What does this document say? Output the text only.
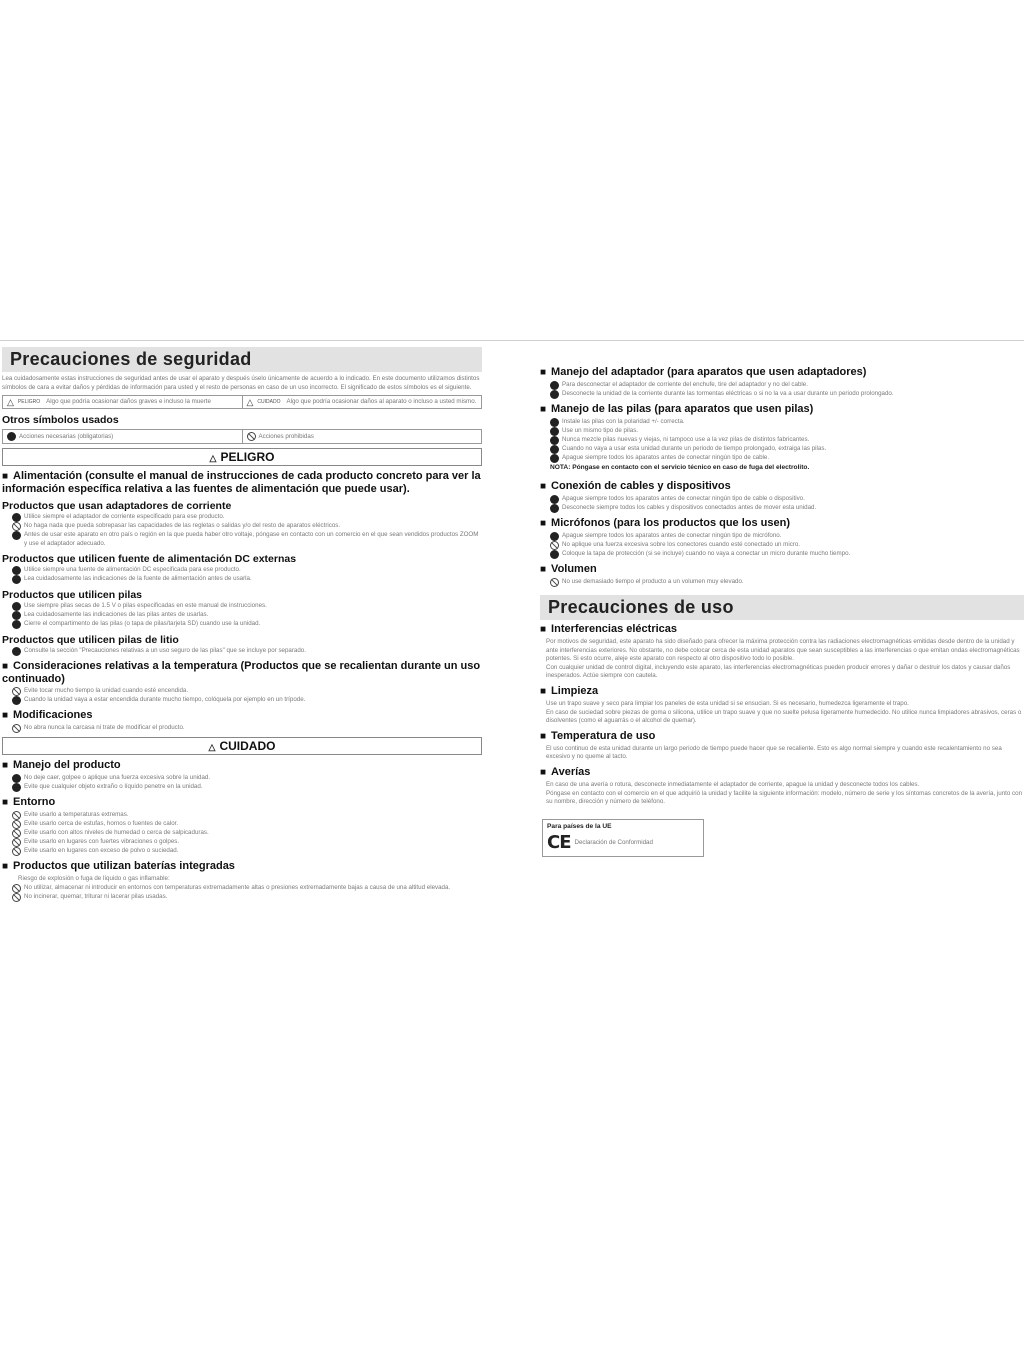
Precauciones de seguridad
Lea cuidadosamente estas instrucciones de seguridad antes de usar el aparato y después úselo únicamente de acuerdo a lo indicado. En este documento utilizamos distintos símbolos de cara a evitar daños y pérdidas de información para usted y el resto de personas en caso de un uso incorrecto. El significado de estos símbolos es el siguiente.
△ PELIGRO Algo que podría ocasionar daños graves e incluso la muerte	△ CUIDADO Algo que podría ocasionar daños al aparato o incluso a usted mismo.
Otros símbolos usados
Acciones necesarias (obligatorias)	Acciones prohibidas
△ PELIGRO
■ Alimentación (consulte el manual de instrucciones de cada producto concreto para ver la información específica relativa a las fuentes de alimentación que puede usar).
Productos que usan adaptadores de corriente
Utilice siempre el adaptador de corriente especificado para ese producto.
No haga nada que pueda sobrepasar las capacidades de las regletas o salidas y/o del resto de aparatos eléctricos.
Antes de usar este aparato en otro país o región en la que pueda haber otro voltaje, póngase en contacto con un comercio en el que sean vendidos productos ZOOM y use el adaptador adecuado.
Productos que utilicen fuente de alimentación DC externas
Utilice siempre una fuente de alimentación DC especificada para ese producto.
Lea cuidadosamente las indicaciones de la fuente de alimentación antes de usarla.
Productos que utilicen pilas
Use siempre pilas secas de 1.5 V o pilas especificadas en este manual de instrucciones.
Lea cuidadosamente las indicaciones de las pilas antes de usarlas.
Cierre el compartimento de las pilas (o tapa de pilas/tarjeta SD) cuando use la unidad.
Productos que utilicen pilas de litio
Consulte la sección "Precauciones relativas a un uso seguro de las pilas" que se incluye por separado.
■ Consideraciones relativas a la temperatura (Productos que se recalientan durante un uso continuado)
Evite tocar mucho tiempo la unidad cuando esté encendida.
Cuando la unidad vaya a estar encendida durante mucho tiempo, colóquela por ejemplo en un trípode.
■ Modificaciones
No abra nunca la carcasa ni trate de modificar el producto.
△ CUIDADO
■ Manejo del producto
No deje caer, golpee o aplique una fuerza excesiva sobre la unidad.
Evite que cualquier objeto extraño o líquido penetre en la unidad.
■ Entorno
Evite usarlo a temperaturas extremas.
Evite usarlo cerca de estufas, hornos o fuentes de calor.
Evite usarlo con altos niveles de humedad o cerca de salpicaduras.
Evite usarlo en lugares con fuertes vibraciones o golpes.
Evite usarlo en lugares con exceso de polvo o suciedad.
■ Productos que utilizan baterías integradas
Riesgo de explosión o fuga de líquido o gas inflamable:
No utilizar, almacenar ni introducir en entornos con temperaturas extremadamente altas o presiones extremadamente bajas a causa de una altitud elevada.
No incinerar, quemar, triturar ni lacerar pilas usadas.
■ Manejo del adaptador (para aparatos que usen adaptadores)
Para desconectar el adaptador de corriente del enchufe, tire del adaptador y no del cable.
Desconecte la unidad de la corriente durante las tormentas eléctricas o si no la va a usar durante un periodo prolongado.
■ Manejo de las pilas (para aparatos que usen pilas)
Instale las pilas con la polaridad +/- correcta.
Use un mismo tipo de pilas.
Nunca mezcle pilas nuevas y viejas, ni tampoco use a la vez pilas de distintos fabricantes.
Cuando no vaya a usar esta unidad durante un periodo de tiempo prolongado, extraiga las pilas.
Apague siempre todos los aparatos antes de conectar ningún tipo de cable.
NOTA: Póngase en contacto con el servicio técnico en caso de fuga del electrolito.
■ Conexión de cables y dispositivos
Apague siempre todos los aparatos antes de conectar ningún tipo de cable o dispositivo.
Desconecte siempre todos los cables y dispositivos conectados antes de mover esta unidad.
■ Micrófonos (para los productos que los usen)
Apague siempre todos los aparatos antes de conectar ningún tipo de micrófono.
No aplique una fuerza excesiva sobre los conectores cuando esté conectado un micro.
Coloque la tapa de protección (si se incluye) cuando no vaya a conectar un micro durante mucho tiempo.
■ Volumen
No use demasiado tiempo el producto a un volumen muy elevado.
Precauciones de uso
■ Interferencias eléctricas
Por motivos de seguridad, este aparato ha sido diseñado para ofrecer la máxima protección contra las radiaciones electromagnéticas emitidas desde dentro de la unidad y ante interferencias exteriores. No obstante, no debe colocar cerca de esta unidad aparatos que sean susceptibles a las interferencias o que emitan ondas electromagnéticas potentes. Si esto ocurre, aleje este aparato con respecto al otro dispositivo todo lo posible.
Con cualquier unidad de control digital, incluyendo este aparato, las interferencias electromagnéticas pueden producir errores y dañar o destruir los datos y causar daños inesperados. Actúe siempre con cautela.
■ Limpieza
Use un trapo suave y seco para limpiar los paneles de esta unidad si se ensucian. Si es necesario, humedezca ligeramente el trapo.
En caso de suciedad sobre piezas de goma o silicona, utilice un trapo suave y que no suelte pelusa ligeramente humedecido. No utilice nunca limpiadores abrasivos, ceras o disolventes (como el aguarrás o el alcohol de quemar).
■ Temperatura de uso
El uso continuo de esta unidad durante un largo periodo de tiempo puede hacer que se recaliente. Esto es algo normal siempre y cuando este recalentamiento no sea excesivo y no queme al tacto.
■ Averías
En caso de una avería o rotura, desconecte inmediatamente el adaptador de corriente, apague la unidad y desconecte todos los cables.
Póngase en contacto con el comercio en el que adquirió la unidad y facilite la siguiente información: modelo, número de serie y los síntomas concretos de la avería, junto con su nombre, dirección y número de teléfono.
Para países de la UE
CE Declaración de Conformidad
